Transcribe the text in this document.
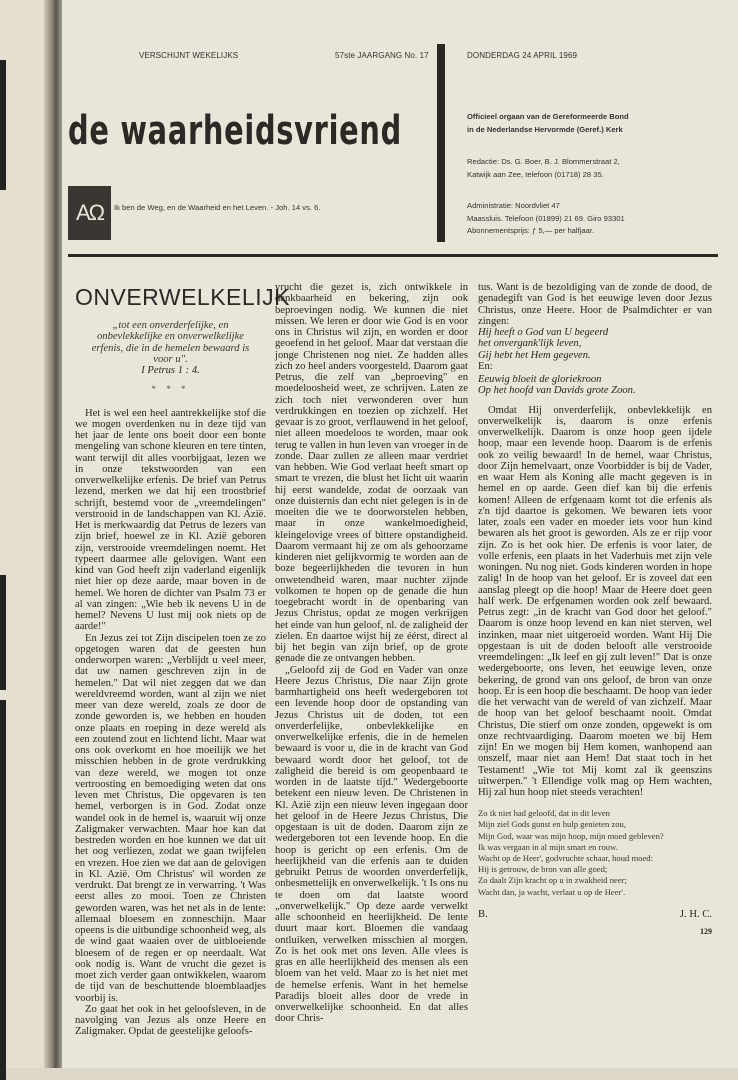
VERSCHIJNT WEKELIJKS	57ste JAARGANG No. 17	DONDERDAG 24 APRIL 1969
de waarheidsvriend
AΩ	Ik ben de Weg, en de Waarheid en het Leven. - Joh. 14 vs. 6.
Officieel orgaan van de Gereformeerde Bond
in de Nederlandse Hervormde (Geref.) Kerk
Redactie: Ds. G. Boer, B. J. Blommerstraat 2,
Katwijk aan Zee, telefoon (01718) 28 35.
Administratie: Noordvliet 47
Maassluis. Telefoon (01899) 21 69. Giro 93301
Abonnementsprijs: ƒ 5,— per halfjaar.
ONVERWELKELIJK
„tot een onverderfelijke, en onbevlekkelijke en onverwelkelijke erfenis, die in de hemelen bewaard is voor u".
I Petrus 1 : 4.
* * *

Het is wel een heel aantrekkelijke stof die we mogen overdenken nu in deze tijd van het jaar de lente ons boeit door een bonte mengeling van schone kleuren en tere tinten, want terwijl dit alles voorbijgaat, lezen we in onze tekstwoorden van een onverwelkelijke erfenis. De brief van Petrus lezend, merken we dat hij een troostbrief schrijft, bestemd voor de „vreemdelingen" verstrooid in de landschappen van Kl. Azië. Het is merkwaardig dat Petrus de lezers van zijn brief, hoewel ze in Kl. Azië geboren zijn, verstrooide vreemdelingen noemt. Het typeert daarmee alle gelovigen. Want een kind van God heeft zijn vaderland eigenlijk niet hier op deze aarde, maar boven in de hemel. We horen de dichter van Psalm 73 er al van zingen: „Wie heb ik nevens U in de hemel? Nevens U lust mij ook niets op de aarde!"

En Jezus zei tot Zijn discipelen toen ze zo opgetogen waren dat de geesten hun onderworpen waren: „Verblijdt u veel meer, dat uw namen geschreven zijn in de hemelen." Dat wil niet zeggen dat we dan wereldvreemd worden, want al zijn we niet meer van deze wereld, zoals ze door de zonde geworden is, we hebben en houden onze plaats en roeping in deze wereld als een zoutend zout en lichtend licht. Maar wat ons ook overkomt en hoe moeilijk we het misschien hebben in de grote verdrukking van deze wereld, we mogen tot onze vertroosting en bemoediging weten dat ons leven met Christus, Die opgevaren is ten hemel, verborgen is in God. Zodat onze wandel ook in de hemel is, waaruit wij onze Zaligmaker verwachten. Maar hoe kan dat bestreden worden en hoe kunnen we dat uit het oog verliezen, zodat we gaan twijfelen en vrezen. Hoe zien we dat aan de gelovigen in Kl. Azië. Om Christus' wil worden ze verdrukt. Dat brengt ze in verwarring. 't Was eerst alles zo mooi. Toen ze Christen geworden waren, was het net als in de lente: allemaal bloesem en zonneschijn. Maar opeens is die uitbundige schoonheid weg, als de wind gaat waaien over de uitbloeiende bloesem of de regen er op neerdaalt. Wat ook nodig is. Want de vrucht die gezet is moet zich verder gaan ontwikkelen, waarom de tijd van de beschuttende bloemblaadjes voorbij is.

Zo gaat het ook in het geloofsleven, in de navolging van Jezus als onze Heere en Zaligmaker. Opdat de geestelijke geloofs-

vrucht die gezet is, zich ontwikkele in dankbaarheid en bekering, zijn ook beproevingen nodig. We kunnen die niet missen. We leren er door wie God is en voor ons in Christus wil zijn, en worden er door geoefend in het geloof. Maar dat verstaan die jonge Christenen nog niet. Ze hadden alles zich zo heel anders voorgesteld. Daarom gaat Petrus, die zelf van „beproeving" en moedeloosheid weet, ze schrijven. Laten ze zich toch niet verwonderen over hun verdrukkingen en toezien op zichzelf. Het gevaar is zo groot, verflauwend in het geloof, niet alleen moedeloos te worden, maar ook terug te vallen in hun leven van vroeger in de zonde. Daar zullen ze alleen maar verdriet van hebben. Wie God verlaat heeft smart op smart te vrezen, die blust het licht uit waarin hij eerst wandelde, zodat de oorzaak van onze duisternis dan echt niet gelegen is in de moeiten die we te doorworstelen hebben, maar in onze wankelmoedigheid, kleingelovige vrees of bittere opstandigheid. Daarom vermaant hij ze om als gehoorzame kinderen niet gelijkvormig te worden aan de boze begeerlijkheden die tevoren in hun onwetendheid waren, maar nuchter zijnde volkomen te hopen op de genade die hun toegebracht wordt in de openbaring van Jezus Christus, opdat ze mogen verkrijgen het einde van hun geloof, nl. de zaligheid der zielen. En daartoe wijst hij ze éérst, direct al bij het begin van zijn brief, op de grote genade die ze ontvangen hebben.

„Geloofd zij de God en Vader van onze Heere Jezus Christus, Die naar Zijn grote barmhartigheid ons heeft wedergeboren tot een levende hoop door de opstanding van Jezus Christus uit de doden, tot een onverderfelijke, onbevlekkelijke en onverwelkelijke erfenis, die in de hemelen bewaard is voor u, die in de kracht van God bewaard wordt door het geloof, tot de zaligheid die bereid is om geopenbaard te worden in de laatste tijd." Wedergeboorte betekent een nieuw leven. De Christenen in Kl. Azië zijn een nieuw leven ingegaan door het geloof in de Heere Jezus Christus, Die opgestaan is uit de doden. Daarom zijn ze wedergeboren tot een levende hoop. En die hoop is gericht op een erfenis. Om de heerlijkheid van die erfenis aan te duiden gebruikt Petrus de woorden onverderfelijk, onbesmettelijk en onverwelkelijk. 't Is ons nu te doen om dat laatste woord „onverwelkelijk." Op deze aarde verwelkt alle schoonheid en heerlijkheid. De lente duurt maar kort. Bloemen die vandaag ontluiken, verwelken misschien al morgen. Zo is het ook met ons leven. Alle vlees is gras en alle heerlijkheid des mensen als een bloem van het veld. Maar zo is het niet met de hemelse erfenis. Want in het hemelse Paradijs bloeit alles door de vrede in onverwelkelijke schoonheid. En dat alles door Chris-

tus. Want is de bezoldiging van de zonde de dood, de genadegift van God is het eeuwige leven door Jezus Christus, onze Heere. Hoor de Psalmdichter er van zingen:

Hij heeft o God van U begeerd

het onvergank'lijk leven,

Gij hebt het Hem gegeven.

En:

Eeuwig bloeit de gloriekroon

Op het hoofd van Davids grote Zoon.

Omdat Hij onverderfelijk, onbevlekkelijk en onverwelkelijk is, daarom is onze erfenis onverwelkelijk. Daarom is onze hoop geen ijdele hoop, maar een levende hoop. Daarom is de erfenis ook zo veilig bewaard! In de hemel, waar Christus, door Zijn hemelvaart, onze Voorbidder is bij de Vader, en waar Hem als Koning alle macht gegeven is in hemel en op aarde. Geen dief kan bij die erfenis komen! Alleen de erfgenaam komt tot die erfenis als z'n tijd daartoe is gekomen. We bewaren iets voor later, zoals een vader en moeder iets voor hun kind bewaren als het groot is geworden. Als ze er rijp voor zijn. Zo is het ook hier. De erfenis is voor later, de volle erfenis, een plaats in het Vaderhuis met zijn vele woningen. Nu nog niet. Gods kinderen worden in hope zalig! In de hoop van het geloof. Er is zoveel dat een aanslag pleegt op die hoop! Maar de Heere doet geen half werk. De erfgenamen worden ook zelf bewaard. Petrus zegt: „in de kracht van God door het geloof." Daarom is onze hoop levend en kan niet sterven, wel inzinken, maar niet uitgeroeid worden. Want Hij Die opgestaan is uit de doden belooft alle verstrooide vreemdelingen: „Ik leef en gij zult leven!" Dat is onze wedergeboorte, ons leven, het eeuwige leven, onze bekering, de grond van ons geloof, de bron van onze hoop. Er is een hoop die beschaamt. De hoop van ieder die het verwacht van de wereld of van zichzelf. Maar de hoop van het geloof beschaamt nooit. Omdat Christus, Die stierf om onze zonden, opgewekt is om onze rechtvaardiging. Daarom moeten we bij Hem zijn! En we mogen bij Hem komen, wanhopend aan onszelf, maar niet aan Hem! Dat staat toch in het Testament! „Wie tot Mij komt zal ik geenszins uitwerpen." 't Ellendige volk mag op Hem wachten, Hij zal hun hoop niet steeds verachten!

Zo ik niet had geloofd, dat in dit leven
Mijn ziel Gods gunst en hulp genieten zou,
Mijn God, waar was mijn hoop, mijn moed gebleven?
Ik was vergaan in al mijn smart en rouw.
Wacht op de Heer', godvruchte schaar, houd moed:
Hij is getrouw, de bron van alle goed;
Zo daalt Zijn kracht op u in zwakheid neer;
Wacht dan, ja wacht, verlaat u op de Heer'.
B.	J. H. C.
129
